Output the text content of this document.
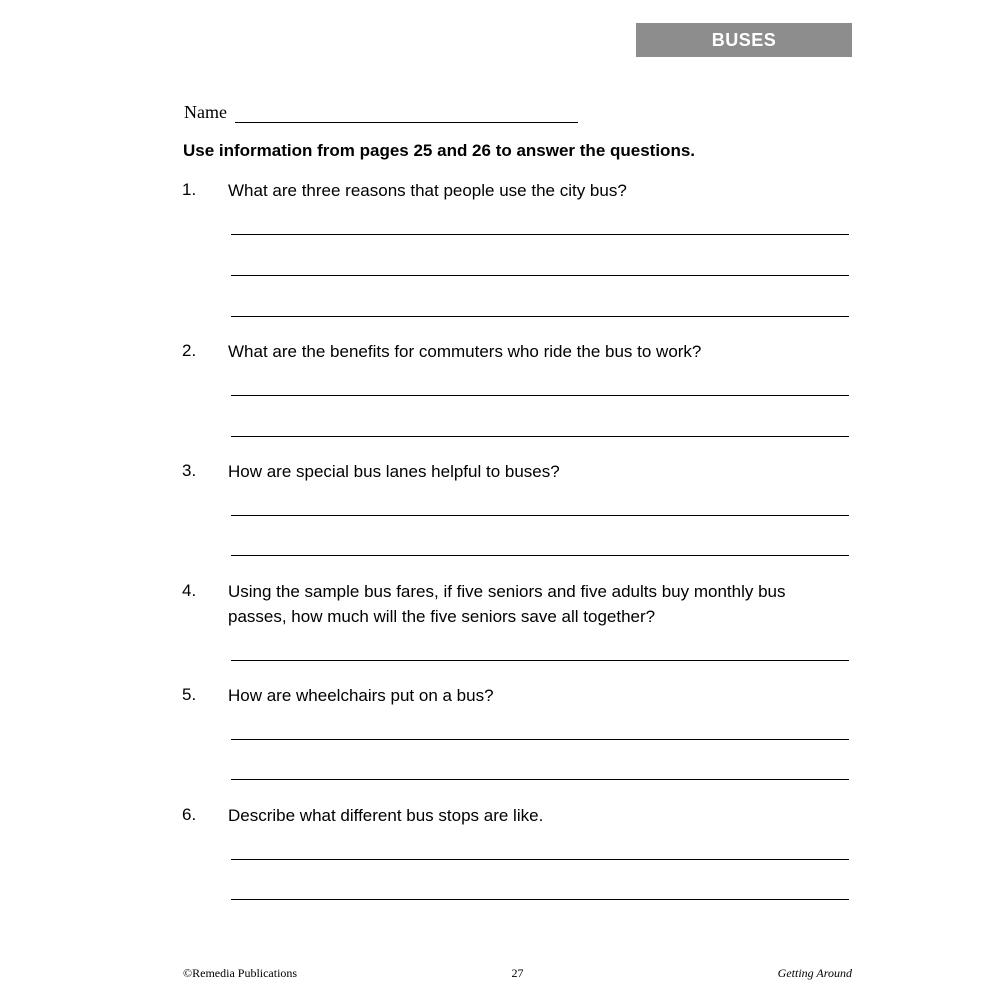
BUSES
Name
Use information from pages 25 and 26 to answer the questions.
1. What are three reasons that people use the city bus?
2. What are the benefits for commuters who ride the bus to work?
3. How are special bus lanes helpful to buses?
4. Using the sample bus fares, if five seniors and five adults buy monthly bus passes, how much will the five seniors save all together?
5. How are wheelchairs put on a bus?
6. Describe what different bus stops are like.
©Remedia Publications	27	Getting Around
